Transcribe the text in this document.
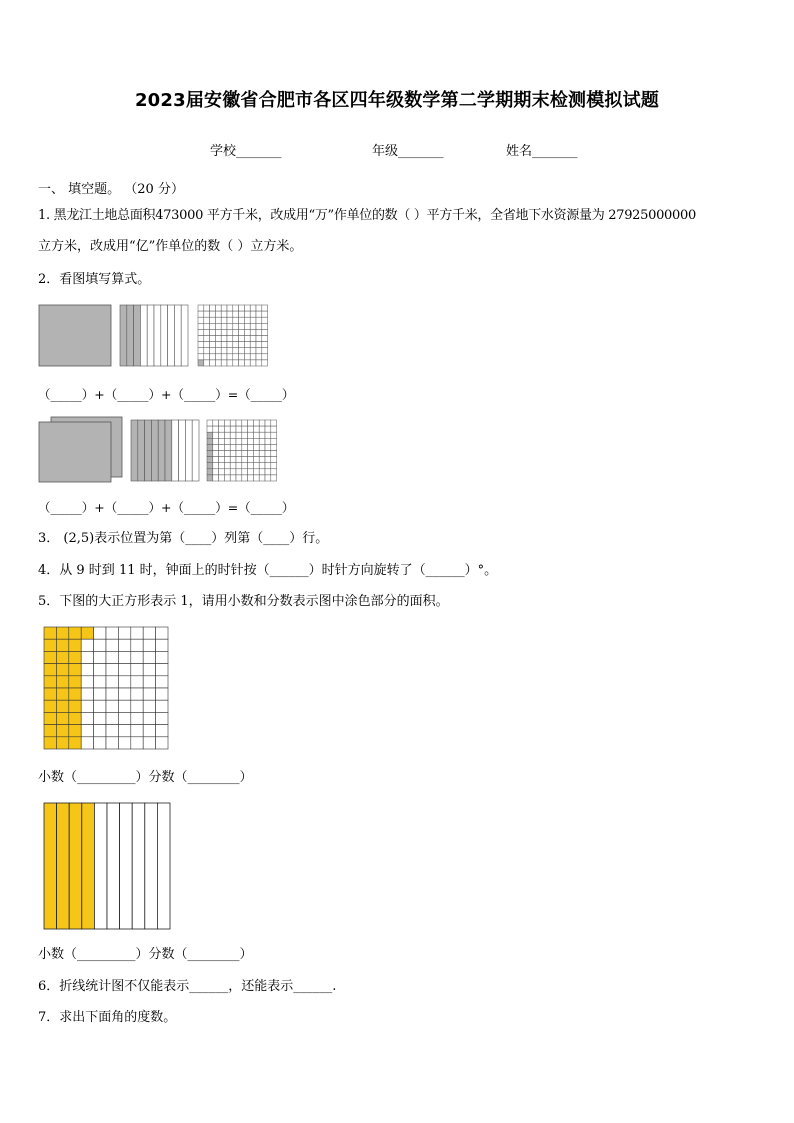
2023届安徽省合肥市各区四年级数学第二学期期末检测模拟试题
学校_______	年级_______	姓名_______
一、 填空题。 （20 分）
1. 黑龙江土地总面积473000 平方千米，改成用“万”作单位的数（ ）平方千米，全省地下水资源量为 27925000000
立方米，改成用“亿”作单位的数（ ）立方米。
2．看图填写算式。
（_____）+（_____）+（_____）=（_____）
（_____）+（_____）+（_____）=（_____）
3． (2,5)表示位置为第（____）列第（____）行。
4．从 9 时到 11 时，钟面上的时针按（______）时针方向旋转了（______）°。
5．下图的大正方形表示 1，请用小数和分数表示图中涂色部分的面积。
小数（_________）分数（________）
小数（_________）分数（________）
6．折线统计图不仅能表示______，还能表示______.
7．求出下面角的度数。
